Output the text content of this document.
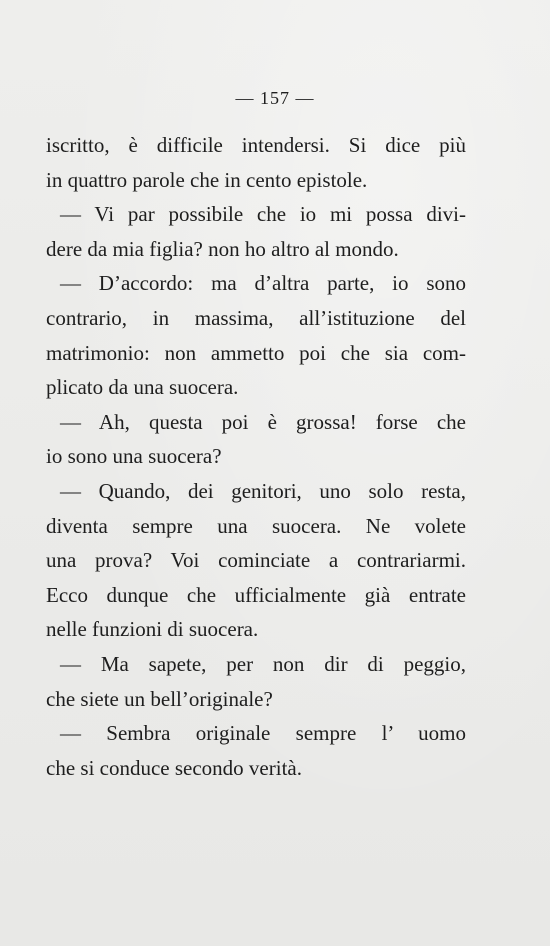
— 157 —
iscritto, è difficile intendersi. Si dice più
in quattro parole che in cento epistole.
— Vi par possibile che io mi possa divi-
dere da mia figlia? non ho altro al mondo.
— D’accordo: ma d’altra parte, io sono
contrario, in massima, all’istituzione del
matrimonio: non ammetto poi che sia com-
plicato da una suocera.
— Ah, questa poi è grossa! forse che
io sono una suocera?
— Quando, dei genitori, uno solo resta,
diventa sempre una suocera. Ne volete
una prova? Voi cominciate a contrariarmi.
Ecco dunque che ufficialmente già entrate
nelle funzioni di suocera.
— Ma sapete, per non dir di peggio,
che siete un bell’originale?
— Sembra originale sempre l’ uomo
che si conduce secondo verità.
